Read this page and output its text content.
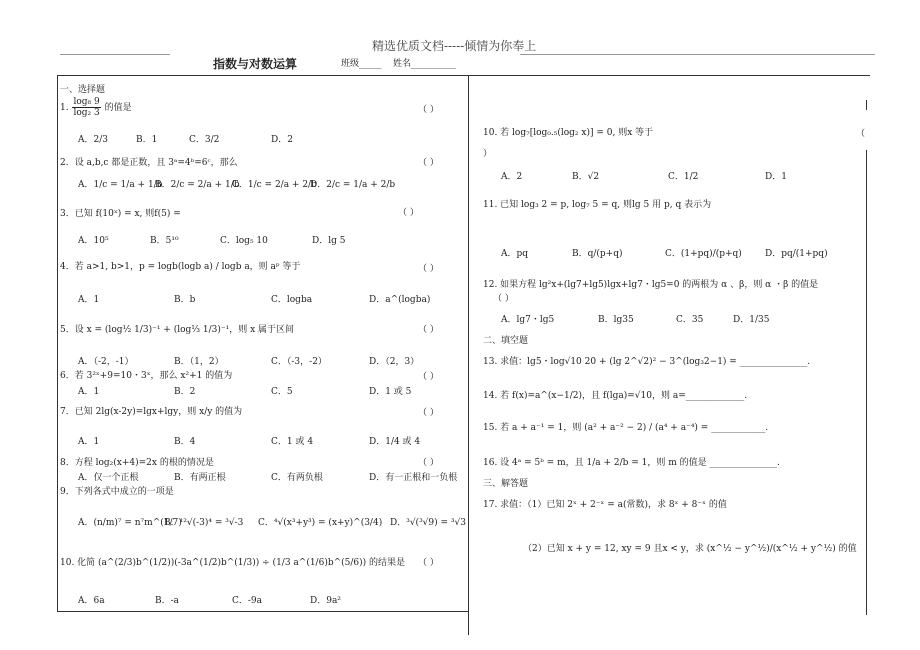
精选优质文档-----倾情为你奉上
指数与对数运算	班级_____ 姓名__________
一、选择题
1. $\frac{\text{log₈ 9}}{\text{log₂ 3}}$ 的值是	（ ）
A．2/3	B．1	C．3/2	D．2
2．设 a,b,c 都是正数，且 3ᵃ=4ᵇ=6ᶜ，那么	（ ）
A．1/c = 1/a + 1/b
B．2/c = 2/a + 1/b
C．1/c = 2/a + 2/b
D．2/c = 1/a + 2/b
3．已知 f(10ˣ) = x, 则f(5) =	（ ）
A．10⁵	B．5¹⁰	C．log₅ 10	D．lg 5
4．若 a>1, b>1，p = logb(logb a) / logb a，则 aᵖ 等于	（ ）
A．1	B．b	C．logba	D．a^(logba)
5．设 x = (log½ 1/3)⁻¹ + (log⅓ 1/3)⁻¹，则 x 属于区间	（ ）
A．（-2，-1）	B．（1，2）	C．（-3，-2）	D．（2，3）
6．若 3²ˣ+9=10・3ˣ，那么 x²+1 的值为	（ ）
A．1	B．2	C．5	D．1 或 5
7．已知 2lg(x-2y)=lgx+lgy，则 x/y 的值为	（ ）
A．1	B．4	C．1 或 4	D．1/4 或 4
8．方程 log₂(x+4)=2x 的根的情况是	（ ）
A．仅一个正根	B．有两正根	C．有两负根	D．有一正根和一负根
9．下列各式中成立的一项是
A．(n/m)⁷ = n⁷m^(1/7)
B．¹²√(-3)⁴ = ³√-3 C．⁴√(x³+y³) = (x+y)^(3/4) D．³√(³√9) = ³√3
10. 化简 (a^(2/3)b^(1/2))(-3a^(1/2)b^(1/3)) ÷ (1/3 a^(1/6)b^(5/6)) 的结果是 （ ）
A．6a	B．-a	C．-9a	D．9a²
10. 若 log₇[log₀.₅(log₂ x)] = 0, 则x 等于	（
）
A．2	B．√2	C．1/2	D．1
11. 已知 log₃ 2 = p, log₇ 5 = q, 则lg 5 用 p, q 表示为
A．pq	B．q/(p+q)	C．(1+pq)/(p+q)	D．pq/(1+pq)
12. 如果方程 lg²x+(lg7+lg5)lgx+lg7・lg5=0 的两根为 α 、β，则 α ・β 的值是
（ ）
A．lg7・lg5	B．lg35	C．35	D．1/35
二、填空题
13. 求值：lg5・log√10 20 + (lg 2^√2)² − 3^(log₃2−1) = _______________.
14. 若 f(x)=a^(x−1/2)，且 f(lga)=√10，则 a=_____________.
15. 若 a + a⁻¹ = 1，则 (a² + a⁻² − 2) / (a⁴ + a⁻⁴) = ____________.
16. 设 4ᵃ = 5ᵇ = m，且 1/a + 2/b = 1，则 m 的值是 _______________.
三、解答题
17. 求值：（1）已知 2ˣ + 2⁻ˣ = a(常数)，求 8ˣ + 8⁻ˣ 的值
（2）已知 x + y = 12, xy = 9 且x < y，求 (x^½ − y^½)/(x^½ + y^½) 的值
